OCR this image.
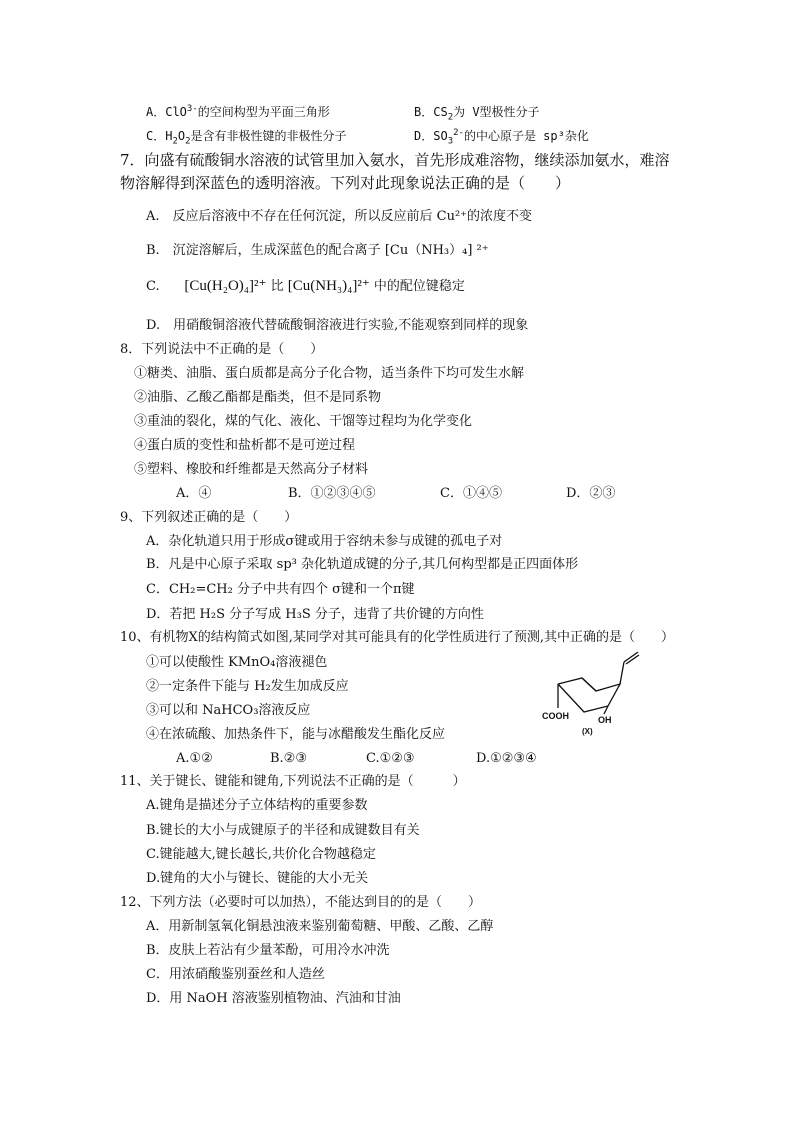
A．ClO$^{3-}$的空间构型为平面三角形	B．$CS_2$为 V型极性分子
C．$H_2O_2$是含有非极性键的非极性分子	D．$SO_3^{2-}$的中心原子是 sp³杂化
7．向盛有硫酸铜水溶液的试管里加入氨水，首先形成难溶物，继续添加氨水，难溶
物溶解得到深蓝色的透明溶液。下列对此现象说法正确的是（　　）
A.　反应后溶液中不存在任何沉淀，所以反应前后 Cu²⁺的浓度不变
B.　沉淀溶解后，生成深蓝色的配合离子 [Cu（NH₃）₄] ²⁺
C. [Cu(H₂O)₄]²⁺ 比 [Cu(NH₃)₄]²⁺ 中的配位键稳定
D.　用硝酸铜溶液代替硫酸铜溶液进行实验,不能观察到同样的现象
8．下列说法中不正确的是（　　）
①糖类、油脂、蛋白质都是高分子化合物，适当条件下均可发生水解
②油脂、乙酸乙酯都是酯类，但不是同系物
③重油的裂化，煤的气化、液化、干馏等过程均为化学变化
④蛋白质的变性和盐析都不是可逆过程
⑤塑料、橡胶和纤维都是天然高分子材料
A．④	B．①②③④⑤	C．①④⑤	D．②③
9、下列叙述正确的是（　　）
A．杂化轨道只用于形成σ键或用于容纳未参与成键的孤电子对
B．凡是中心原子采取 sp³ 杂化轨道成键的分子,其几何构型都是正四面体形
C．CH₂=CH₂ 分子中共有四个 σ键和一个π键
D．若把 H₂S 分子写成 H₃S 分子，违背了共价键的方向性
10、有机物X的结构简式如图,某同学对其可能具有的化学性质进行了预测,其中正确的是（　　）
①可以使酸性 KMnO₄溶液褪色
②一定条件下能与 H₂发生加成反应
③可以和 NaHCO₃溶液反应
④在浓硫酸、加热条件下，能与冰醋酸发生酯化反应
A.①②	B.②③	C.①②③	D.①②③④
COOH	OH
(X)
11、关于键长、键能和键角,下列说法不正确的是（　　　）
A.键角是描述分子立体结构的重要参数
B.键长的大小与成键原子的半径和成键数目有关
C.键能越大,键长越长,共价化合物越稳定
D.键角的大小与键长、键能的大小无关
12、下列方法（必要时可以加热），不能达到目的的是（　　）
A．用新制氢氧化铜悬浊液来鉴别葡萄糖、甲酸、乙酸、乙醇
B．皮肤上若沾有少量苯酚，可用冷水冲洗
C．用浓硝酸鉴别蚕丝和人造丝
D．用 NaOH 溶液鉴别植物油、汽油和甘油
